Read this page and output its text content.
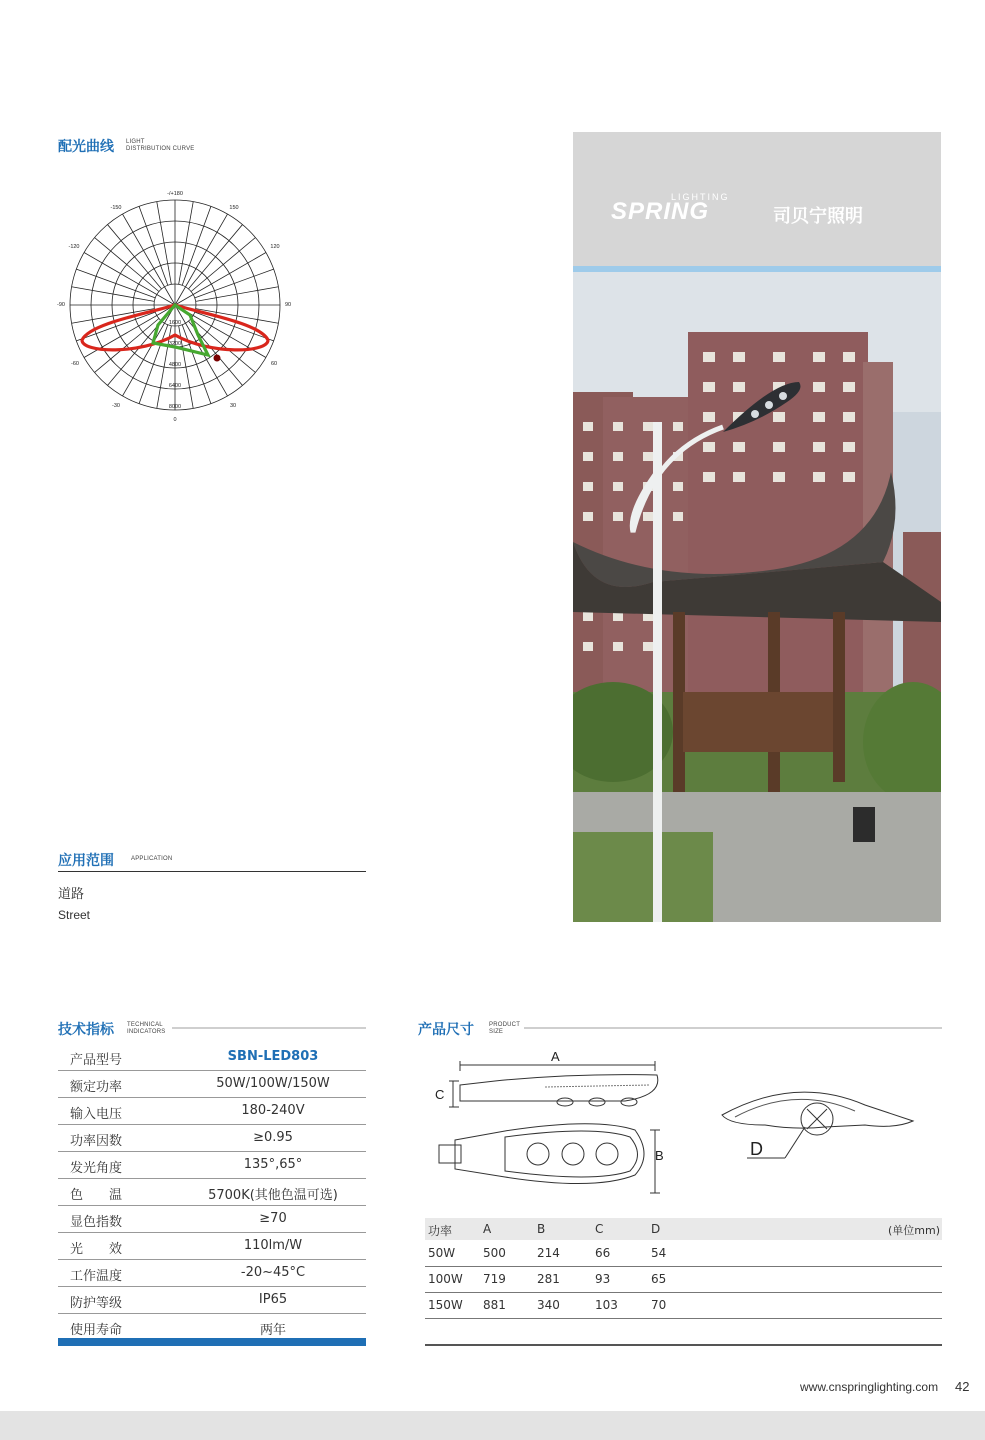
配光曲线 LIGHT
DISTRIBUTION CURVE
-/+180
-150	150
-120	120
-90	90
-60	60
-30	30
0
1600
3200
4800
6400
8000
应用范围	APPLICATION
道路
Street
LIGHTING
SPRING	司贝宁照明
技术指标 TECHNICAL
INDICATORS
产品型号	SBN-LED803
额定功率	50W/100W/150W
输入电压	180-240V
功率因数	≥0.95
发光角度	135°,65°
色　　温	5700K(其他色温可选)
显色指数	≥70
光　　效	110lm/W
工作温度	-20~45°C
防护等级	IP65
使用寿命	两年
产品尺寸	PRODUCT
SIZE
A
C
B	D
功率	A	B	C	D	(单位mm)
50W 500	214	66	54
100W 719	281	93	65
150W 881	340	103	70
www.cnspringlighting.com 42
